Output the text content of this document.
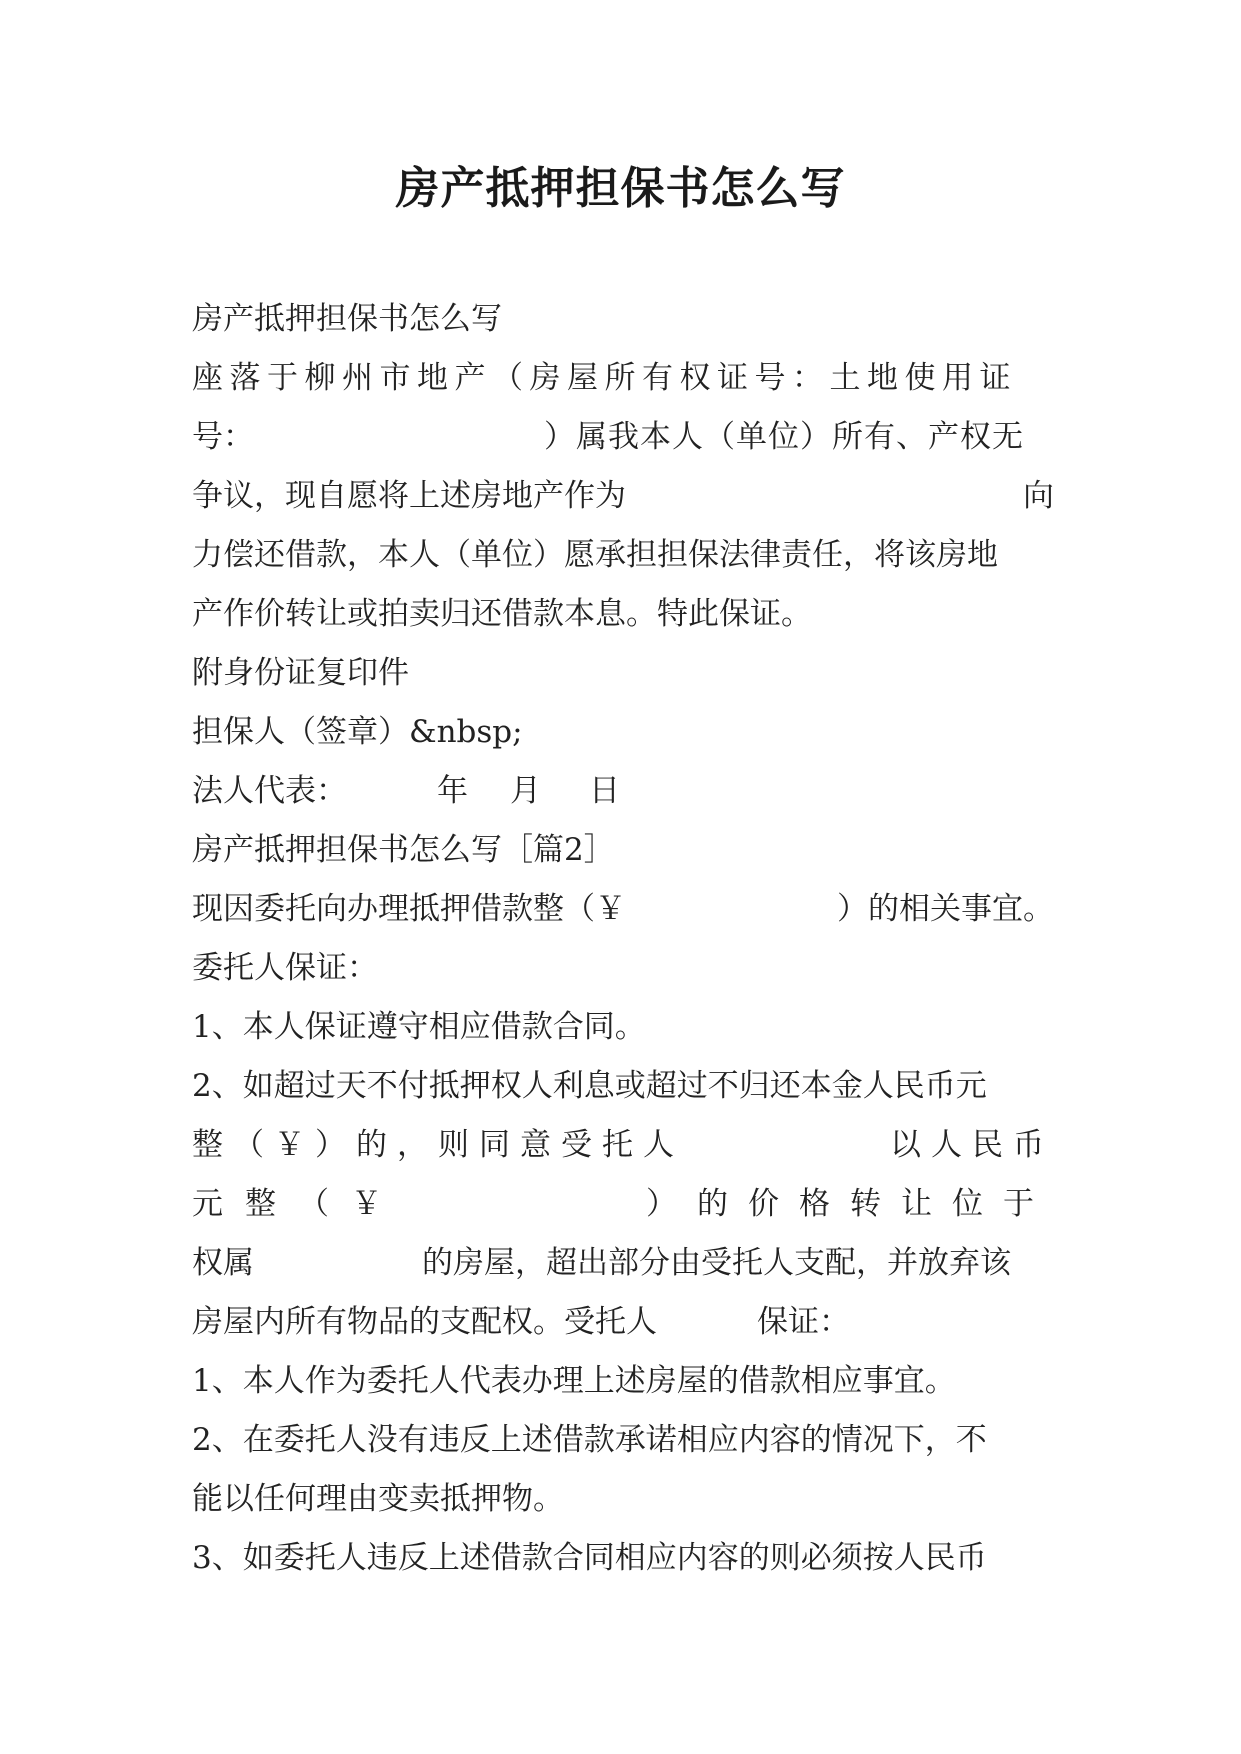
房产抵押担保书怎么写
房产抵押担保书怎么写
座落于柳州市地产（房屋所有权证号：土地使用证
号：	）属我本人（单位）所有、产权无
争议，现自愿将上述房地产作为	向
力偿还借款，本人（单位）愿承担担保法律责任，将该房地
产作价转让或拍卖归还借款本息。特此保证。
附身份证复印件
担保人（签章）&nbsp;
法人代表：	年 月 日
房产抵押担保书怎么写［篇2］
现因委托向办理抵押借款整（￥	）的相关事宜。
委托人保证：
1、本人保证遵守相应借款合同。
2、如超过天不付抵押权人利息或超过不归还本金人民币元
整（￥）的，则同意受托人	以人民币
元整（￥	）的价格转让位于
权属	的房屋，超出部分由受托人支配，并放弃该
房屋内所有物品的支配权。受托人	保证：
1、本人作为委托人代表办理上述房屋的借款相应事宜。
2、在委托人没有违反上述借款承诺相应内容的情况下，不
能以任何理由变卖抵押物。
3、如委托人违反上述借款合同相应内容的则必须按人民币
